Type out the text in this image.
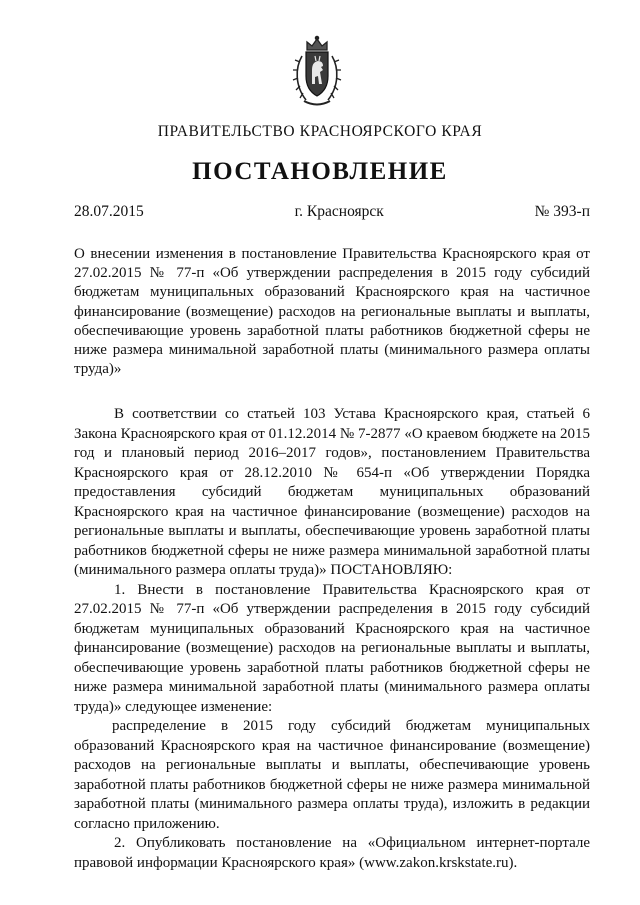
ПРАВИТЕЛЬСТВО КРАСНОЯРСКОГО КРАЯ
ПОСТАНОВЛЕНИЕ
28.07.2015	г. Красноярск	№ 393-п
О внесении изменения в постановление Правительства Красноярского края от 27.02.2015 № 77-п «Об утверждении распределения в 2015 году субсидий бюджетам муниципальных образований Красноярского края на частичное финансирование (возмещение) расходов на региональные выплаты и выплаты, обеспечивающие уровень заработной платы работников бюджетной сферы не ниже размера минимальной заработной платы (минимального размера оплаты труда)»

В соответствии со статьей 103 Устава Красноярского края, статьей 6 Закона Красноярского края от 01.12.2014 № 7-2877 «О краевом бюджете на 2015 год и плановый период 2016–2017 годов», постановлением Правительства Красноярского края от 28.12.2010 № 654-п «Об утверждении Порядка предоставления субсидий бюджетам муниципальных образований Красноярского края на частичное финансирование (возмещение) расходов на региональные выплаты и выплаты, обеспечивающие уровень заработной платы работников бюджетной сферы не ниже размера минимальной заработной платы (минимального размера оплаты труда)» ПОСТАНОВЛЯЮ:

1. Внести в постановление Правительства Красноярского края от 27.02.2015 № 77-п «Об утверждении распределения в 2015 году субсидий бюджетам муниципальных образований Красноярского края на частичное финансирование (возмещение) расходов на региональные выплаты и выплаты, обеспечивающие уровень заработной платы работников бюджетной сферы не ниже размера минимальной заработной платы (минимального размера оплаты труда)» следующее изменение:

распределение в 2015 году субсидий бюджетам муниципальных образований Красноярского края на частичное финансирование (возмещение) расходов на региональные выплаты и выплаты, обеспечивающие уровень заработной платы работников бюджетной сферы не ниже размера минимальной заработной платы (минимального размера оплаты труда), изложить в редакции согласно приложению.

2. Опубликовать постановление на «Официальном интернет-портале правовой информации Красноярского края» (www.zakon.krskstate.ru).
